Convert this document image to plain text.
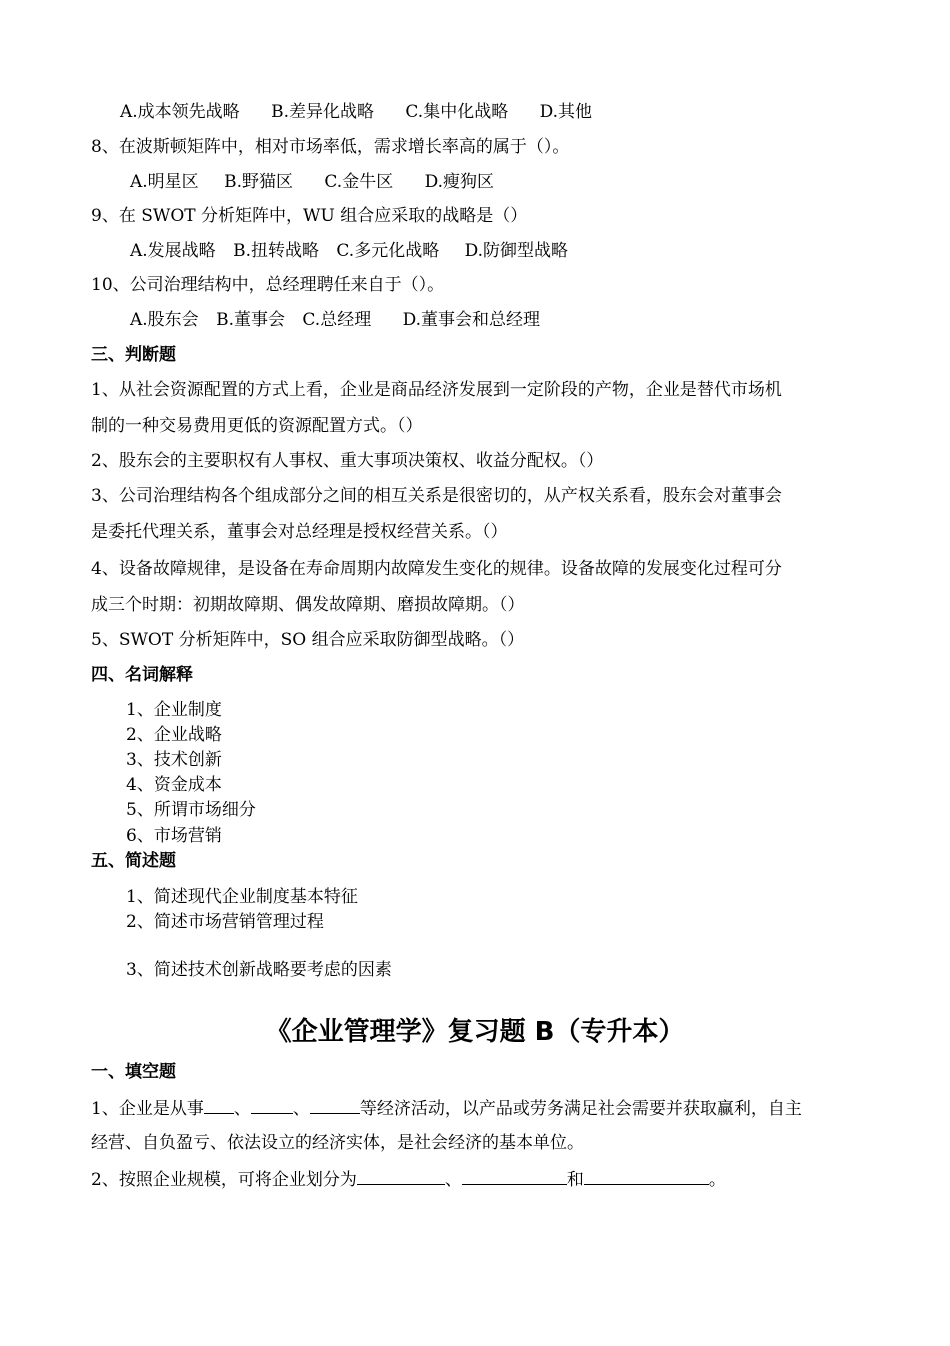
A.成本领先战略 B.差异化战略 C.集中化战略 D.其他
8、在波斯顿矩阵中，相对市场率低，需求增长率高的属于（）。
A.明星区 B.野猫区 C.金牛区 D.瘦狗区
9、在 SWOT 分析矩阵中，WU 组合应采取的战略是（）
A.发展战略 B.扭转战略 C.多元化战略 D.防御型战略
10、公司治理结构中，总经理聘任来自于（）。
A.股东会 B.董事会 C.总经理 D.董事会和总经理
三、判断题
1、从社会资源配置的方式上看，企业是商品经济发展到一定阶段的产物，企业是替代市场机
制的一种交易费用更低的资源配置方式。（）
2、股东会的主要职权有人事权、重大事项决策权、收益分配权。（）
3、公司治理结构各个组成部分之间的相互关系是很密切的，从产权关系看，股东会对董事会
是委托代理关系，董事会对总经理是授权经营关系。（）
4、设备故障规律，是设备在寿命周期内故障发生变化的规律。设备故障的发展变化过程可分
成三个时期：初期故障期、偶发故障期、磨损故障期。（）
5、SWOT 分析矩阵中，SO 组合应采取防御型战略。（）
四、名词解释
1、企业制度
2、企业战略
3、技术创新
4、资金成本
5、所谓市场细分
6、市场营销
五、简述题
1、简述现代企业制度基本特征
2、简述市场营销管理过程
3、简述技术创新战略要考虑的因素
《企业管理学》复习题 B（专升本）
一、填空题
1、企业是从事 、 、	等经济活动，以产品或劳务满足社会需要并获取赢利，自主
经营、自负盈亏、依法设立的经济实体，是社会经济的基本单位。
2、按照企业规模，可将企业划分为	、	和	。
